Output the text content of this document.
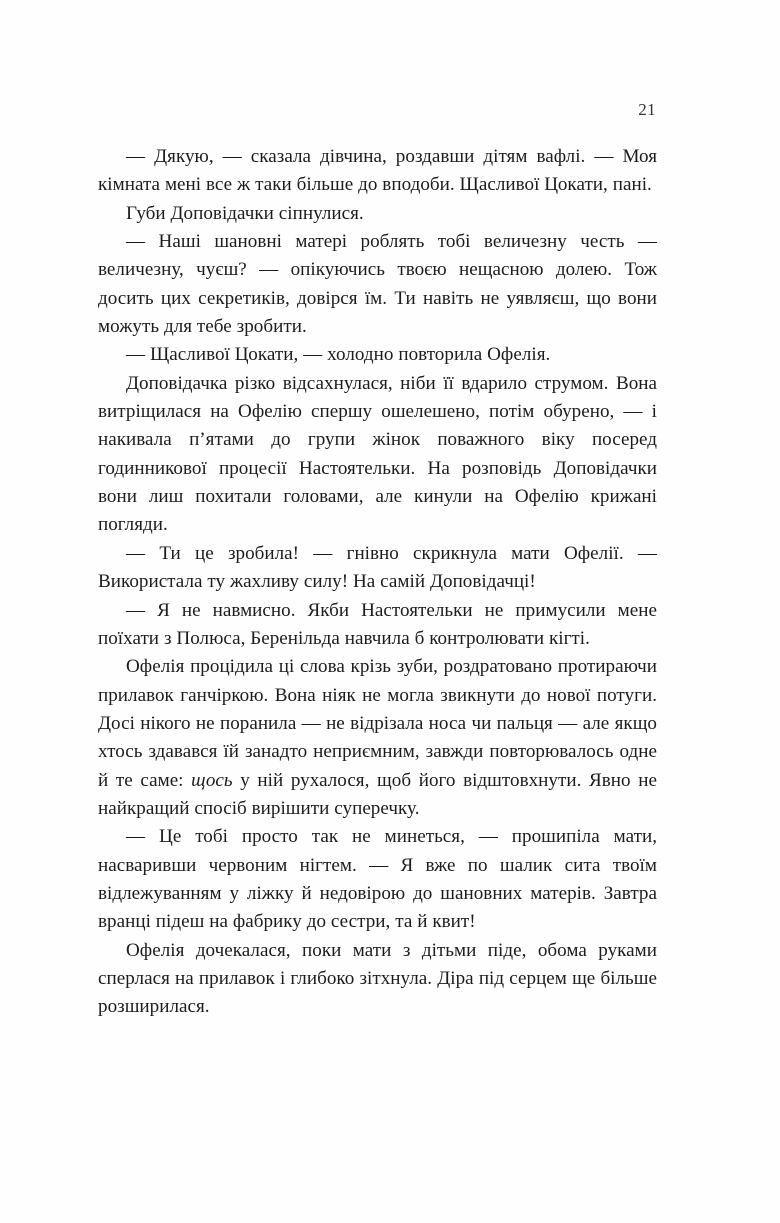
21

— Дякую, — сказала дівчина, роздавши дітям вафлі. — Моя кімната мені все ж таки більше до вподоби. Щасливої Цокати, пані.

Губи Доповідачки сіпнулися.

— Наші шановні матері роблять тобі величезну честь — величезну, чуєш? — опікуючись твоєю нещасною долею. Тож досить цих секретиків, довірся їм. Ти навіть не уявляєш, що вони можуть для тебе зробити.

— Щасливої Цокати, — холодно повторила Офелія.

Доповідачка різко відсахнулася, ніби її вдарило струмом. Вона витріщилася на Офелію спершу ошелешено, потім обурено, — і накивала п’ятами до групи жінок поважного віку посеред годинникової процесії Настоятельки. На розповідь Доповідачки вони лиш похитали головами, але кинули на Офелію крижані погляди.

— Ти це зробила! — гнівно скрикнула мати Офелії. — Використала ту жахливу силу! На самій Доповідачці!

— Я не навмисно. Якби Настоятельки не примусили мене поїхати з Полюса, Беренільда навчила б контролювати кігті.

Офелія процідила ці слова крізь зуби, роздратовано протираючи прилавок ганчіркою. Вона ніяк не могла звикнути до нової потуги. Досі нікого не поранила — не відрізала носа чи пальця — але якщо хтось здавався їй занадто неприємним, завжди повторювалось одне й те саме: щось у ній рухалося, щоб його відштовхнути. Явно не найкращий спосіб вирішити суперечку.

— Це тобі просто так не минеться, — прошипіла мати, насваривши червоним нігтем. — Я вже по шалик сита твоїм відлежуванням у ліжку й недовірою до шановних матерів. Завтра вранці підеш на фабрику до сестри, та й квит!

Офелія дочекалася, поки мати з дітьми піде, обома руками сперлася на прилавок і глибоко зітхнула. Діра під серцем ще більше розширилася.
